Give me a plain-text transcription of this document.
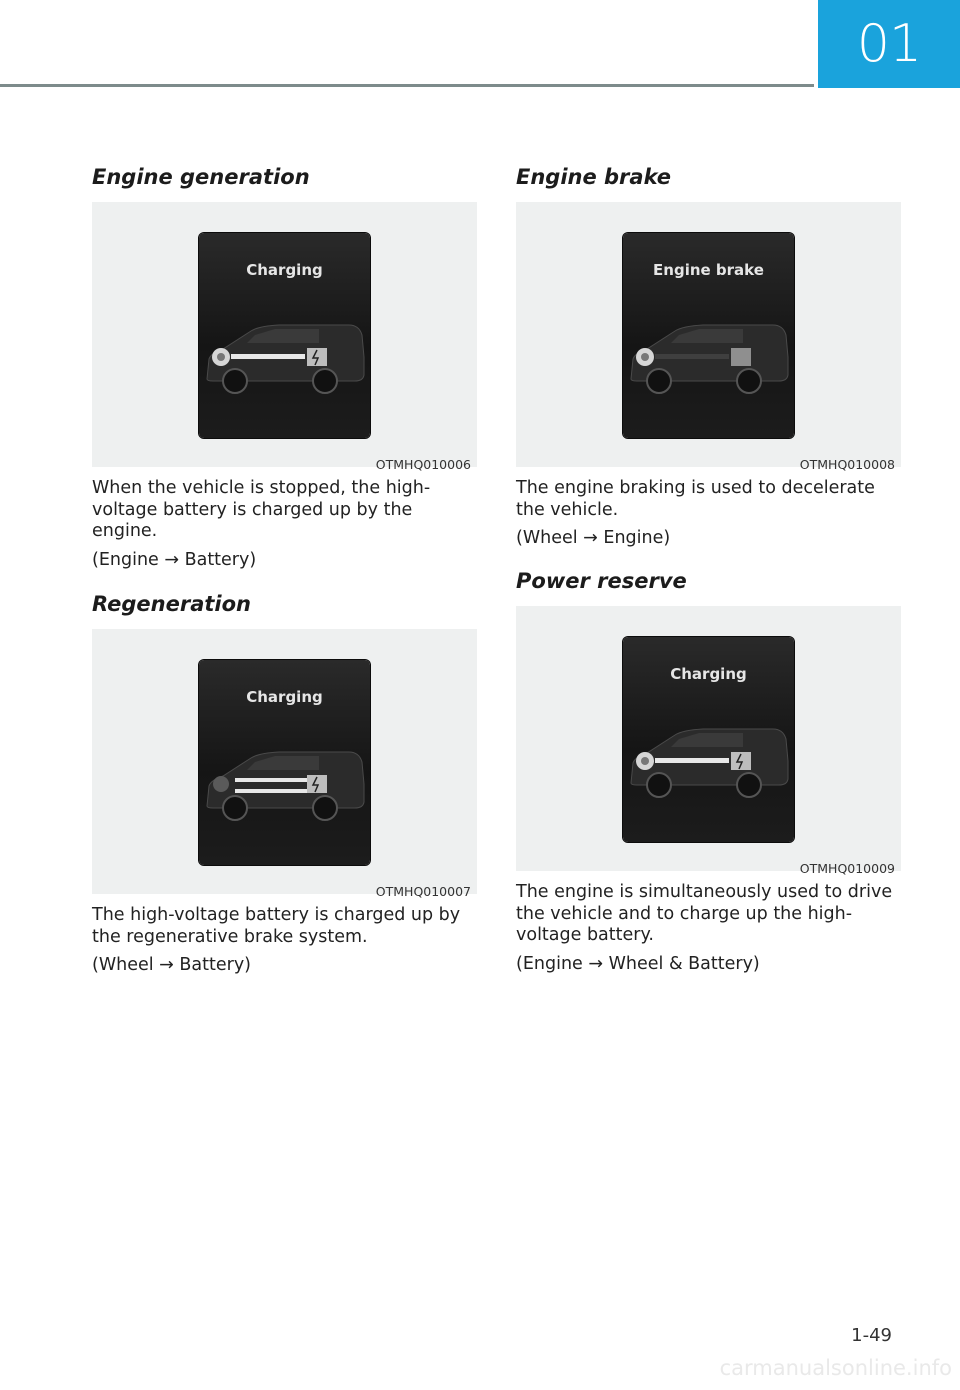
01
Engine generation
Charging
OTMHQ010006

When the vehicle is stopped, the high-voltage battery is charged up by the engine.

(Engine → Battery)

Regeneration
Charging
OTMHQ010007

The high-voltage battery is charged up by the regenerative brake system.

(Wheel → Battery)

Engine brake
Engine brake
OTMHQ010008

The engine braking is used to decelerate the vehicle.

(Wheel → Engine)

Power reserve
Charging
OTMHQ010009

The engine is simultaneously used to drive the vehicle and to charge up the high-voltage battery.

(Engine → Wheel & Battery)

1-49
carmanualsonline.info
